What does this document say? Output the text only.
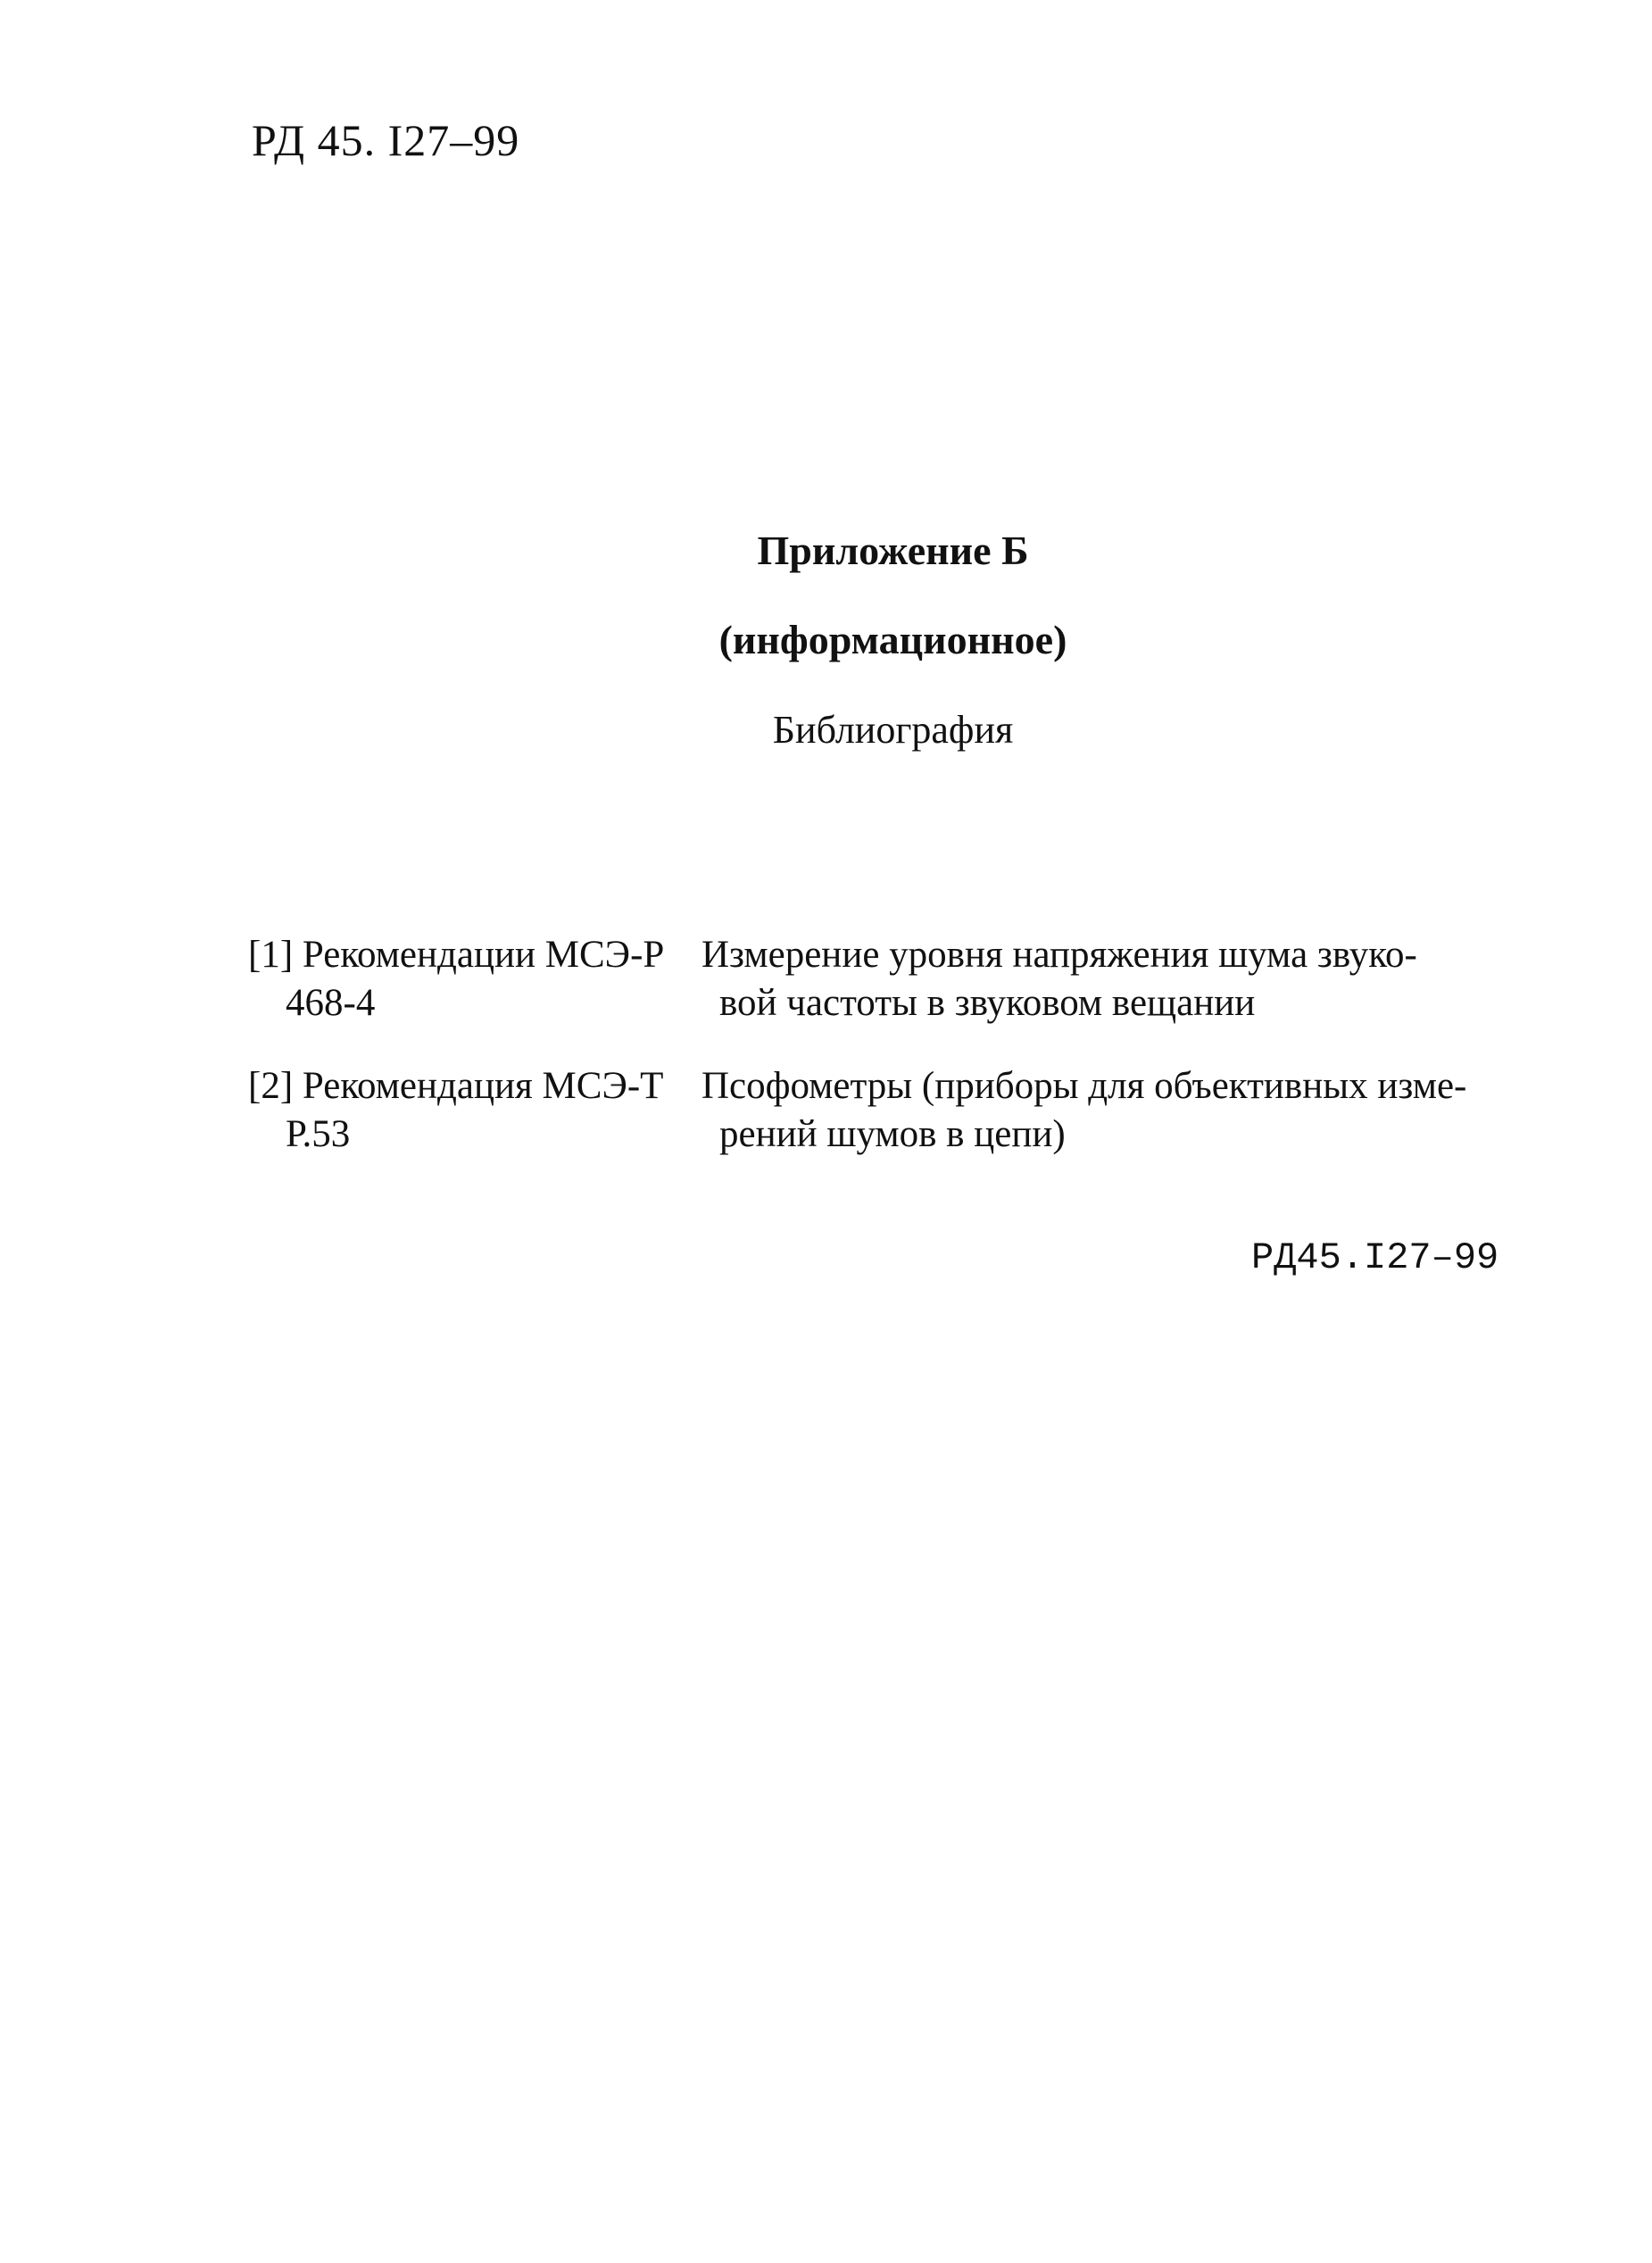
РД 45. I27–99
Приложение Б
(информационное)
Библиография
[1] Рекомендации МСЭ-Р
468-4
Измерение уровня напряжения шума звуко-
вой частоты в звуковом вещании
[2] Рекомендация МСЭ-Т
Р.53
Псофометры (приборы для объективных изме-
рений шумов в цепи)
РД45.I27–99
